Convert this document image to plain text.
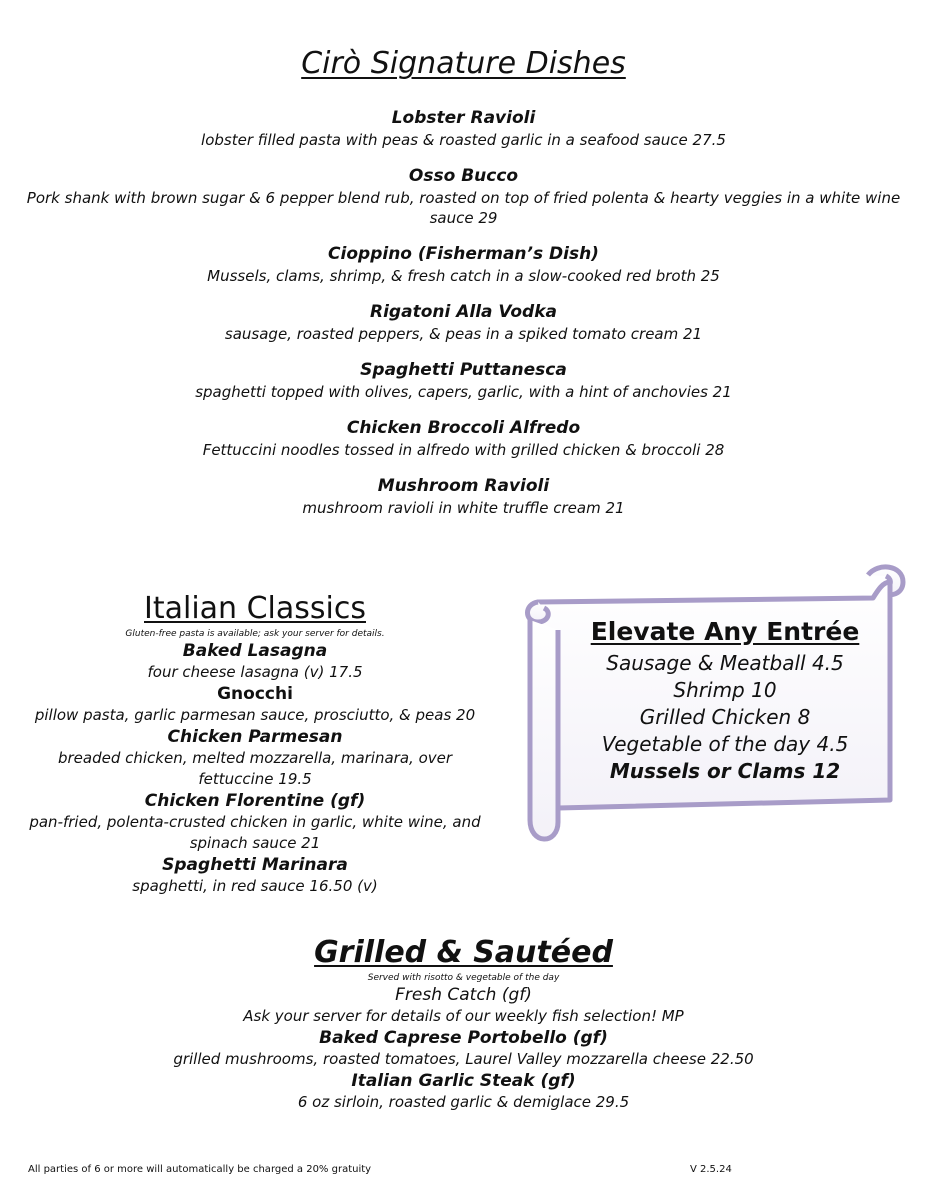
Cirò Signature Dishes
Lobster Ravioli
lobster filled pasta with peas & roasted garlic in a seafood sauce 27.5
Osso Bucco
Pork shank with brown sugar & 6 pepper blend rub, roasted on top of fried polenta & hearty veggies in a white wine sauce 29
Cioppino (Fisherman’s Dish)
Mussels, clams, shrimp, & fresh catch in a slow-cooked red broth 25
Rigatoni Alla Vodka
sausage, roasted peppers, & peas in a spiked tomato cream 21
Spaghetti Puttanesca
spaghetti topped with olives, capers, garlic, with a hint of anchovies 21
Chicken Broccoli Alfredo
Fettuccini noodles tossed in alfredo with grilled chicken & broccoli 28
Mushroom Ravioli
mushroom ravioli in white truffle cream 21
Italian Classics
Gluten-free pasta is available; ask your server for details.
Baked Lasagna
four cheese lasagna (v) 17.5
Gnocchi
pillow pasta, garlic parmesan sauce, prosciutto, & peas 20
Chicken Parmesan
breaded chicken, melted mozzarella, marinara, over fettuccine 19.5
Chicken Florentine (gf)
pan-fried, polenta-crusted chicken in garlic, white wine, and spinach sauce 21
Spaghetti Marinara
spaghetti, in red sauce 16.50 (v)
Elevate Any Entrée
Sausage & Meatball 4.5
Shrimp 10
Grilled Chicken 8
Vegetable of the day 4.5
Mussels or Clams 12
Grilled & Sautéed
Served with risotto & vegetable of the day
Fresh Catch (gf)
Ask your server for details of our weekly fish selection! MP
Baked Caprese Portobello (gf)
grilled mushrooms, roasted tomatoes, Laurel Valley mozzarella cheese 22.50
Italian Garlic Steak (gf)
6 oz sirloin, roasted garlic & demiglace 29.5
All parties of 6 or more will automatically be charged a 20% gratuity	V 2.5.24
